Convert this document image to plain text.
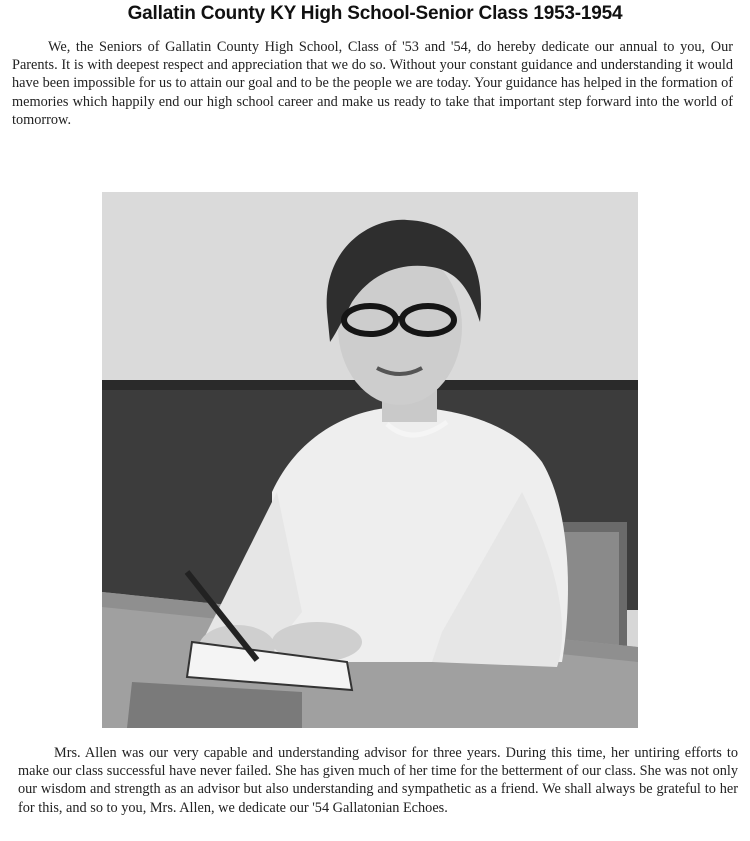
Gallatin County KY High School-Senior Class 1953-1954

We, the Seniors of Gallatin County High School, Class of '53 and '54, do hereby dedicate our annual to you, Our Parents. It is with deepest respect and appreciation that we do so. Without your constant guidance and understanding it would have been impossible for us to attain our goal and to be the people we are today. Your guidance has helped in the formation of memories which happily end our high school career and make us ready to take that important step forward into the world of tomorrow.

Mrs. Allen was our very capable and understanding advisor for three years. During this time, her untiring efforts to make our class successful have never failed. She has given much of her time for the betterment of our class. She was not only our wisdom and strength as an advisor but also understanding and sympathetic as a friend. We shall always be grateful to her for this, and so to you, Mrs. Allen, we dedicate our '54 Gallatonian Echoes.
